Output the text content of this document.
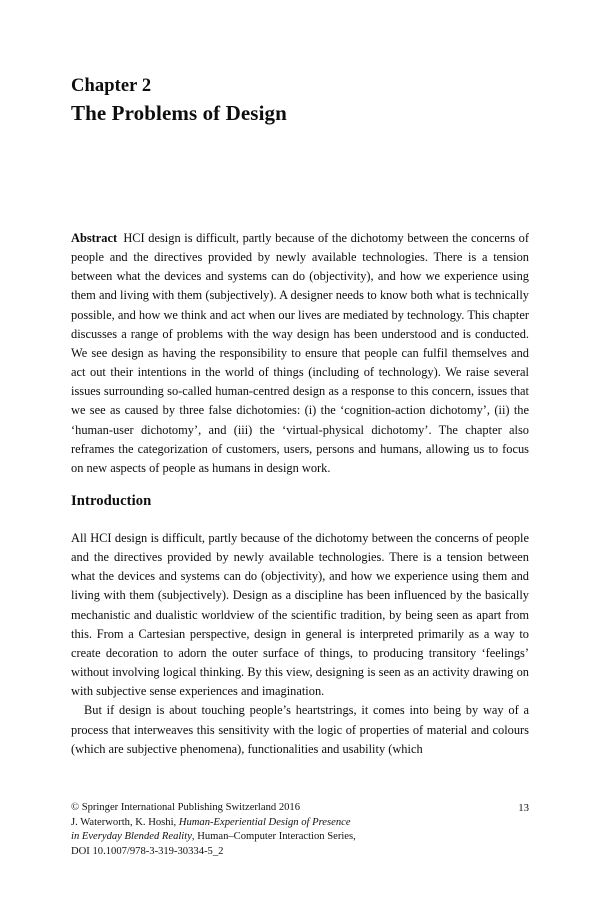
Chapter 2
The Problems of Design
Abstract HCI design is difficult, partly because of the dichotomy between the concerns of people and the directives provided by newly available technologies. There is a tension between what the devices and systems can do (objectivity), and how we experience using them and living with them (subjectively). A designer needs to know both what is technically possible, and how we think and act when our lives are mediated by technology. This chapter discusses a range of problems with the way design has been understood and is conducted. We see design as having the responsibility to ensure that people can fulfil themselves and act out their intentions in the world of things (including of technology). We raise several issues surrounding so-called human-centred design as a response to this concern, issues that we see as caused by three false dichotomies: (i) the ‘cognition-action dichotomy’, (ii) the ‘human-user dichotomy’, and (iii) the ‘virtual-physical dichotomy’. The chapter also reframes the categorization of customers, users, persons and humans, allowing us to focus on new aspects of people as humans in design work.
Introduction

All HCI design is difficult, partly because of the dichotomy between the concerns of people and the directives provided by newly available technologies. There is a tension between what the devices and systems can do (objectivity), and how we experience using them and living with them (subjectively). Design as a discipline has been influenced by the basically mechanistic and dualistic worldview of the scientific tradition, by being seen as apart from this. From a Cartesian perspective, design in general is interpreted primarily as a way to create decoration to adorn the outer surface of things, to producing transitory ‘feelings’ without involving logical thinking. By this view, designing is seen as an activity drawing on with subjective sense experiences and imagination.

But if design is about touching people’s heartstrings, it comes into being by way of a process that interweaves this sensitivity with the logic of properties of material and colours (which are subjective phenomena), functionalities and usability (which

© Springer International Publishing Switzerland 2016
J. Waterworth, K. Hoshi, Human-Experiential Design of Presence
in Everyday Blended Reality, Human–Computer Interaction Series,
DOI 10.1007/978-3-319-30334-5_2
13
